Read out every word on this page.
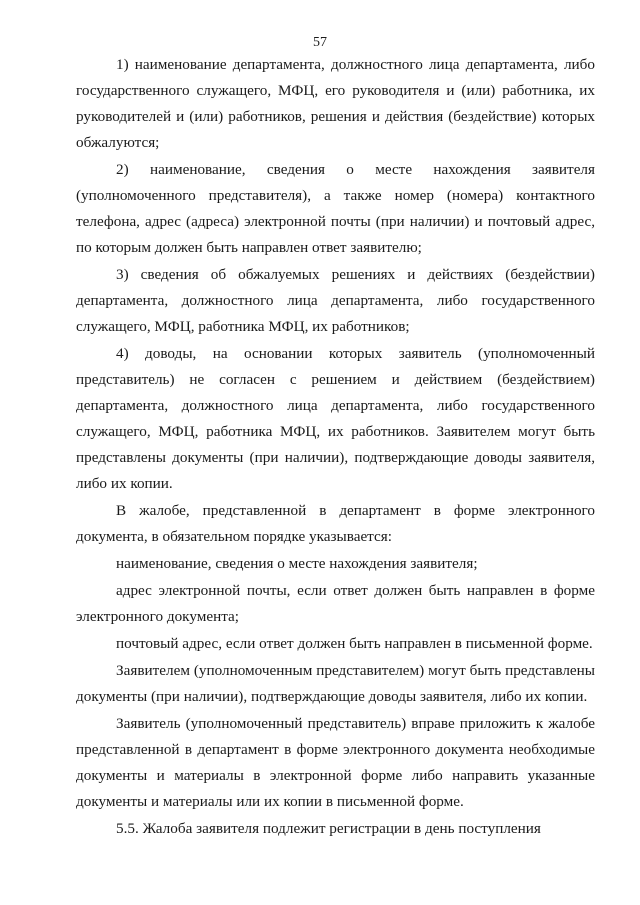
57

1) наименование департамента, должностного лица департамента, либо государственного служащего, МФЦ, его руководителя и (или) работника, их руководителей и (или) работников, решения и действия (бездействие) которых обжалуются;

2) наименование, сведения о месте нахождения заявителя (уполномоченного представителя), а также номер (номера) контактного телефона, адрес (адреса) электронной почты (при наличии) и почтовый адрес, по которым должен быть направлен ответ заявителю;

3) сведения об обжалуемых решениях и действиях (бездействии) департамента, должностного лица департамента, либо государственного служащего, МФЦ, работника МФЦ, их работников;

4) доводы, на основании которых заявитель (уполномоченный представитель) не согласен с решением и действием (бездействием) департамента, должностного лица департамента, либо государственного служащего, МФЦ, работника МФЦ, их работников. Заявителем могут быть представлены документы (при наличии), подтверждающие доводы заявителя, либо их копии.

В жалобе, представленной в департамент в форме электронного документа, в обязательном порядке указывается:

наименование, сведения о месте нахождения заявителя;

адрес электронной почты, если ответ должен быть направлен в форме электронного документа;

почтовый адрес, если ответ должен быть направлен в письменной форме.

Заявителем (уполномоченным представителем) могут быть представлены документы (при наличии), подтверждающие доводы заявителя, либо их копии.

Заявитель (уполномоченный представитель) вправе приложить к жалобе представленной в департамент в форме электронного документа необходимые документы и материалы в электронной форме либо направить указанные документы и материалы или их копии в письменной форме.

5.5. Жалоба заявителя подлежит регистрации в день поступления
